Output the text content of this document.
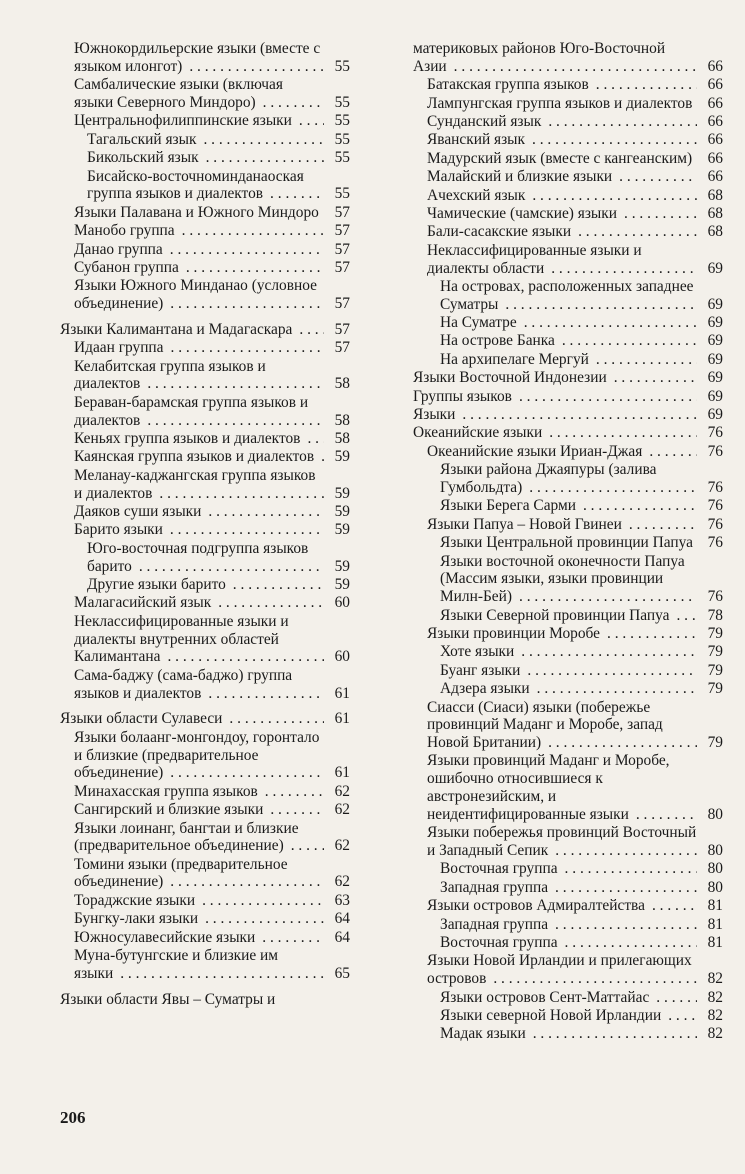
Южнокордильерские языки (вместе с языком илонгот) . . .	55
Самбалические языки (включая языки Северного Миндоро) . . .	55
Центральнофилиппинские языки . . .	55
Тагальский язык . . .	55
Бикольский язык . . .	55
Бисайско-восточноминданаоская группа языков и диалектов . . .	55
Языки Палавана и Южного Миндоро . . .	57
Манобо группа . . .	57
Данао группа . . .	57
Субанон группа . . .	57
Языки Южного Минданао (условное объединение) . . .	57
Языки Калимантана и Мадагаскара . . .	57
Идаан группа . . .	57
Келабитская группа языков и диалектов . . .	58
Бераван-барамская группа языков и диалектов . . .	58
Кеньях группа языков и диалектов . . .	58
Каянская группа языков и диалектов . . .	59
Меланау-каджангская группа языков и диалектов . . .	59
Даяков суши языки . . .	59
Барито языки . . .	59
Юго-восточная подгруппа языков барито . . .	59
Другие языки барито . . .	59
Малагасийский язык . . .	60
Неклассифицированные языки и диалекты внутренних областей Калимантана . . .	60
Сама-баджу (сама-баджо) группа языков и диалектов . . .	61
Языки области Сулавеси . . .	61
Языки болаанг-монгондоу, горонтало и близкие (предварительное объединение) . . .	61
Минахасская группа языков . . .	62
Сангирский и близкие языки . . .	62
Языки лоинанг, бангтаи и близкие (предварительное объединение) . . .	62
Томини языки (предварительное объединение) . . .	62
Тораджские языки . . .	63
Бунгку-лаки языки . . .	64
Южносулавесийские языки . . .	64
Муна-бутунгские и близкие им языки . . .	65
Языки области Явы – Суматры и
материковых районов Юго-Восточной Азии . . .	66
Батакская группа языков . . .	66
Лампунгская группа языков и диалектов . . . 66
Сунданский язык . . .	66
Яванский язык . . .	66
Мадурский язык (вместе с кангеанским) . . .	66
Малайский и близкие языки . . .	66
Ачехский язык . . .	68
Чамические (чамские) языки . . .	68
Бали-сасакские языки . . .	68
Неклассифицированные языки и диалекты области . . .	69
На островах, расположенных западнее Суматры . . .	69
На Суматре . . .	69
На острове Банка . . .	69
На архипелаге Мергуй . . .	69
Языки Восточной Индонезии . . .	69
Группы языков . . .	69
Языки . . .	69
Океанийские языки . . .	76
Океанийские языки Ириан-Джая . . .	76
Языки района Джаяпуры (залива Гумбольдта) . . .	76
Языки Берега Сарми . . .	76
Языки Папуа – Новой Гвинеи . . .	76
Языки Центральной провинции Папуа . . . 76
Языки восточной оконечности Папуа (Массим языки, языки провинции Милн-Бей) . . .	76
Языки Северной провинции Папуа . . .	78
Языки провинции Моробе . . .	79
Хоте языки . . .	79
Буанг языки . . .	79
Адзера языки . . .	79
Сиасси (Сиаси) языки (побережье провинций Маданг и Моробе, запад Новой Британии) . . .	79
Языки провинций Маданг и Моробе, ошибочно относившиеся к австронезийским, и неидентифицированные языки . . .	80
Языки побережья провинций Восточный и Западный Сепик . . .	80
Восточная группа . . .	80
Западная группа . . .	80
Языки островов Адмиралтейства . . .	81
Западная группа . . .	81
Восточная группа . . .	81
Языки Новой Ирландии и прилегающих островов . . .	82
Языки островов Сент-Маттайас . . .	82
Языки северной Новой Ирландии . . .	82
Мадак языки . . .	82
206
